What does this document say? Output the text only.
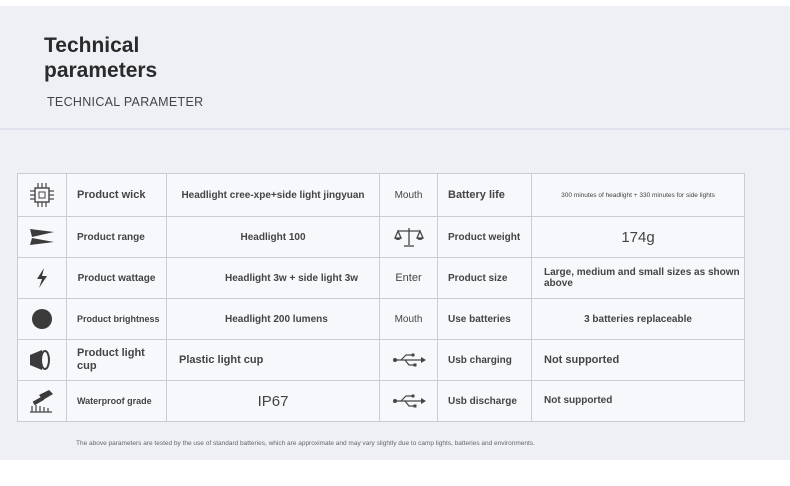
Technical parameters
TECHNICAL PARAMETER
	Product wick	Headlight cree-xpe+side light jingyuan	Mouth	Battery life	300 minutes of headlight + 330 minutes for side lights

	Product range	Headlight 100		Product weight	174g

	Product wattage	Headlight 3w + side light 3w	Enter	Product size	Large, medium and small sizes as shown above

	Product brightness	Headlight 200 lumens	Mouth	Use batteries	3 batteries replaceable

	Product light cup	Plastic light cup		Usb charging	Not supported

	Waterproof grade	IP67		Usb discharge	Not supported
The above parameters are tested by the use of standard batteries, which are approximate and may vary slightly due to camp lights, batteries and environments.
